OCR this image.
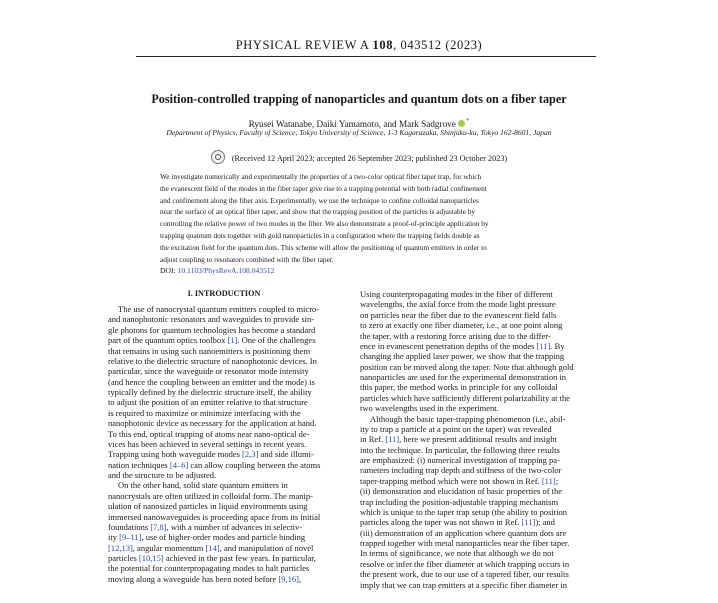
PHYSICAL REVIEW A 108, 043512 (2023)
Position-controlled trapping of nanoparticles and quantum dots on a fiber taper
Ryusei Watanabe, Daiki Yamamoto, and Mark Sadgrove *
Department of Physics, Faculty of Science, Tokyo University of Science, 1-3 Kagurazaka, Shinjuku-ku, Tokyo 162-8601, Japan
(Received 12 April 2023; accepted 26 September 2023; published 23 October 2023)
We investigate numerically and experimentally the properties of a two-color optical fiber taper trap, for which
the evanescent field of the modes in the fiber taper give rise to a trapping potential with both radial confinement
and confinement along the fiber axis. Experimentally, we use the technique to confine colloidal nanoparticles
near the surface of an optical fiber taper, and show that the trapping position of the particles is adjustable by
controlling the relative power of two modes in the fiber. We also demonstrate a proof-of-principle application by
trapping quantum dots together with gold nanoparticles in a configuration where the trapping fields double as
the excitation field for the quantum dots. This scheme will allow the positioning of quantum emitters in order to
adjust coupling to resonators combined with the fiber taper.
DOI: 10.1103/PhysRevA.108.043512
I. INTRODUCTION
The use of nanocrystal quantum emitters coupled to micro-
and nanophotonic resonators and waveguides to provide sin-
gle photons for quantum technologies has become a standard
part of the quantum optics toolbox [1]. One of the challenges
that remains in using such nanoemitters is positioning them
relative to the dielectric structure of nanophotonic devices. In
particular, since the waveguide or resonator mode intensity
(and hence the coupling between an emitter and the mode) is
typically defined by the dielectric structure itself, the ability
to adjust the position of an emitter relative to that structure
is required to maximize or minimize interfacing with the
nanophotonic device as necessary for the application at hand.
To this end, optical trapping of atoms near nano-optical de-
vices has been achieved in several settings in recent years.
Trapping using both waveguide modes [2,3] and side illumi-
nation techniques [4–6] can allow coupling between the atoms
and the structure to be adjusted.
On the other hand, solid state quantum emitters in
nanocrystals are often utilized in colloidal form. The manip-
ulation of nanosized particles in liquid environments using
immersed nanowaveguides is proceeding apace from its initial
foundations [7,8], with a number of advances in selectiv-
ity [9–11], use of higher-order modes and particle binding
[12,13], angular momentum [14], and manipulation of novel
particles [10,15] achieved in the past few years. In particular,
the potential for counterpropagating modes to halt particles
moving along a waveguide has been noted before [9,16],
Using counterpropagating modes in the fiber of different
wavelengths, the axial force from the mode light pressure
on particles near the fiber due to the evanescent field falls
to zero at exactly one fiber diameter, i.e., at one point along
the taper, with a restoring force arising due to the differ-
ence in evanescent penetration depths of the modes [11]. By
changing the applied laser power, we show that the trapping
position can be moved along the taper. Note that although gold
nanoparticles are used for the experimental demonstration in
this paper, the method works in principle for any colloidal
particles which have sufficiently different polarizability at the
two wavelengths used in the experiment.
Although the basic taper-trapping phenomenon (i.e., abil-
ity to trap a particle at a point on the taper) was revealed
in Ref. [11], here we present additional results and insight
into the technique. In particular, the following three results
are emphasized: (i) numerical investigation of trapping pa-
rameters including trap depth and stiffness of the two-color
taper-trapping method which were not shown in Ref. [11];
(ii) demonstration and elucidation of basic properties of the
trap including the position-adjustable trapping mechanism
which is unique to the taper trap setup (the ability to position
particles along the taper was not shown in Ref. [11]); and
(iii) demonstration of an application where quantum dots are
trapped together with metal nanoparticles near the fiber taper.
In terms of significance, we note that although we do not
resolve or infer the fiber diameter at which trapping occurs in
the present work, due to our use of a tapered fiber, our results
imply that we can trap emitters at a specific fiber diameter in
